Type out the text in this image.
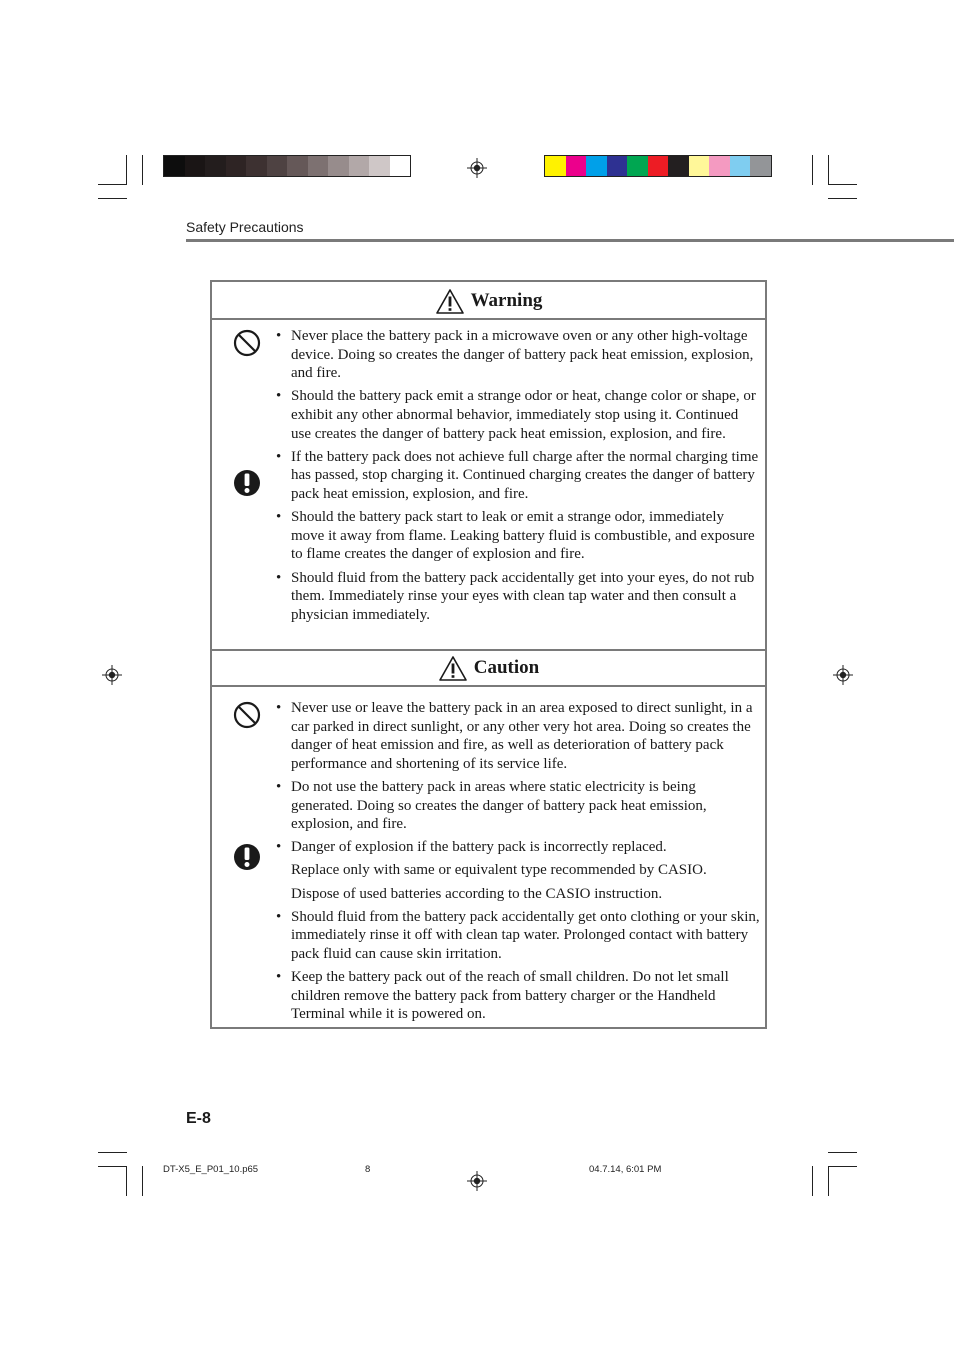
Safety Precautions
Warning
• Never place the battery pack in a microwave oven or any other high-voltage device. Doing so creates the danger of battery pack heat emission, explosion, and fire.
• Should the battery pack emit a strange odor or heat, change color or shape, or exhibit any other abnormal behavior, immediately stop using it. Continued use creates the danger of battery pack heat emission, explosion, and fire.
• If the battery pack does not achieve full charge after the normal charging time has passed, stop charging it. Continued charging creates the danger of battery pack heat emission, explosion, and fire.
• Should the battery pack start to leak or emit a strange odor, immediately move it away from flame. Leaking battery fluid is combustible, and exposure to flame creates the danger of explosion and fire.
• Should fluid from the battery pack accidentally get into your eyes, do not rub them. Immediately rinse your eyes with clean tap water and then consult a physician immediately.
Caution
• Never use or leave the battery pack in an area exposed to direct sunlight, in a car parked in direct sunlight, or any other very hot area. Doing so creates the danger of heat emission and fire, as well as deterioration of battery pack performance and shortening of its service life.
• Do not use the battery pack in areas where static electricity is being generated. Doing so creates the danger of battery pack heat emission, explosion, and fire.
• Danger of explosion if the battery pack is incorrectly replaced.
Replace only with same or equivalent type recommended by CASIO.
Dispose of used batteries according to the CASIO instruction.
• Should fluid from the battery pack accidentally get onto clothing or your skin, immediately rinse it off with clean tap water. Prolonged contact with battery pack fluid can cause skin irritation.
• Keep the battery pack out of the reach of small children. Do not let small children remove the battery pack from battery charger or the Handheld Terminal while it is powered on.
E-8
DT-X5_E_P01_10.p65	8	04.7.14, 6:01 PM
